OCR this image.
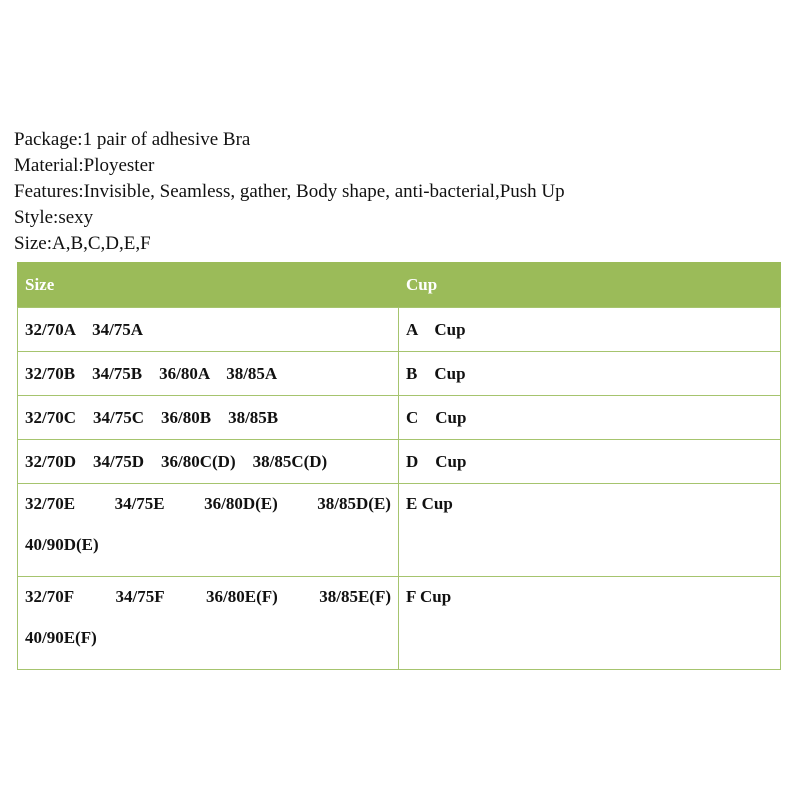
Package:1 pair of adhesive Bra
Material:Ployester
Features:Invisible, Seamless, gather, Body shape, anti-bacterial,Push Up
Style:sexy
Size:A,B,C,D,E,F
Size	Cup
32/70A 34/75A	A    Cup
32/70B 34/75B 36/80A 38/85A	B    Cup
32/70C 34/75C 36/80B 38/85B	C    Cup
32/70D 34/75D 36/80C(D) 38/85C(D)	D    Cup

32/70E 34/75E 36/80D(E) 38/85D(E)
40/90D(E)	E Cup

32/70F 34/75F 36/80E(F) 38/85E(F)
40/90E(F)	F Cup
